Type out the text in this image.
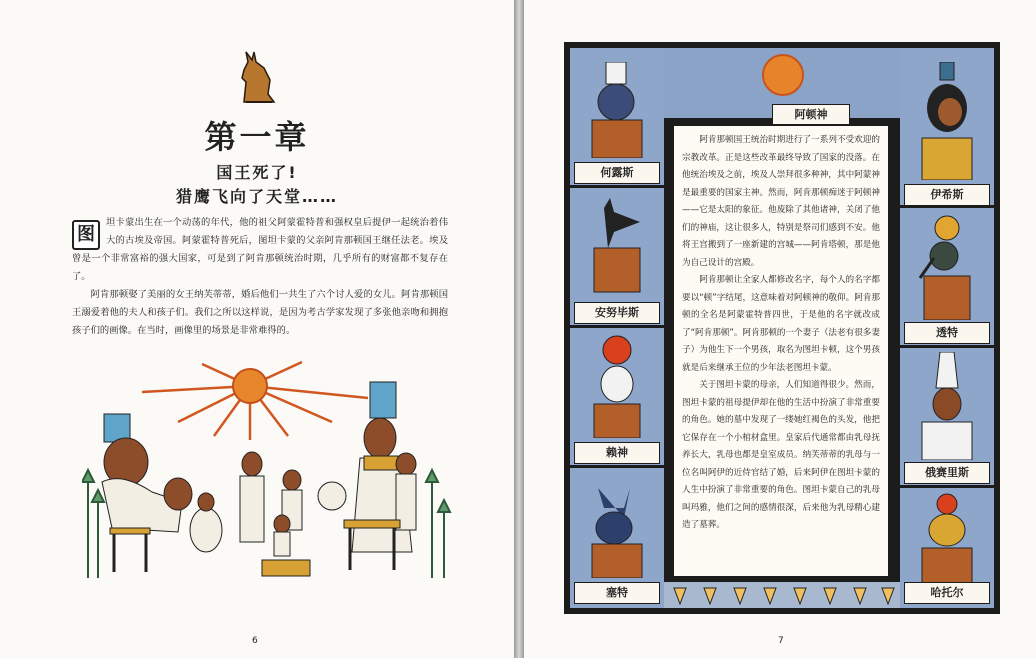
第一章
国王死了!
猎鹰飞向了天堂……

图
坦卡蒙出生在一个动荡的年代，他的祖父阿蒙霍特普和强权皇后提伊一起统治着伟大的古埃及帝国。阿蒙霍特普死后，图坦卡蒙的父亲阿肯那顿国王继任法老。埃及曾是一个非常富裕的强大国家，可是到了阿肯那顿统治时期，几乎所有的财富都不复存在了。

阿肯那顿娶了美丽的女王纳芙蒂蒂，婚后他们一共生了六个讨人爱的女儿。阿肯那顿国王溺爱着他的夫人和孩子们。我们之所以这样说，是因为考古学家发现了多张他亲吻和拥抱孩子们的画像。在当时，画像里的场景是非常难得的。

6
阿顿神
何露斯
安努毕斯
赖神
塞特
伊希斯
透特
俄赛里斯
哈托尔

阿肯那顿国王统治时期进行了一系列不受欢迎的宗教改革。正是这些改革最终导致了国家的没落。在他统治埃及之前，埃及人崇拜很多种神，其中阿蒙神是最重要的国家主神。然而，阿肯那顿痴迷于阿顿神——它是太阳的象征。他废除了其他诸神，关闭了他们的神庙，这让很多人，特别是祭司们感到不安。他将王宫搬到了一座新建的宫城——阿肯塔顿，那是他为自己设计的宫殿。

阿肯那顿让全家人都修改名字，每个人的名字都要以“顿”字结尾，这意味着对阿顿神的敬仰。阿肯那顿的全名是阿蒙霍特普四世，于是他的名字就改成了“阿肯那顿”。阿肯那顿的一个妻子（法老有很多妻子）为他生下一个男孩，取名为图坦卡顿，这个男孩就是后来继承王位的少年法老图坦卡蒙。

关于图坦卡蒙的母亲，人们知道得很少。然而，图坦卡蒙的祖母提伊却在他的生活中扮演了非常重要的角色。她的墓中发现了一缕她红褐色的头发，他把它保存在一个小棺材盒里。皇家后代通常都由乳母抚养长大，乳母也都是皇室成员。纳芙蒂蒂的乳母与一位名叫阿伊的近侍官结了婚，后来阿伊在图坦卡蒙的人生中扮演了非常重要的角色。图坦卡蒙自己的乳母叫玛雅，他们之间的感情很深，后来他为乳母精心建造了墓葬。

7
